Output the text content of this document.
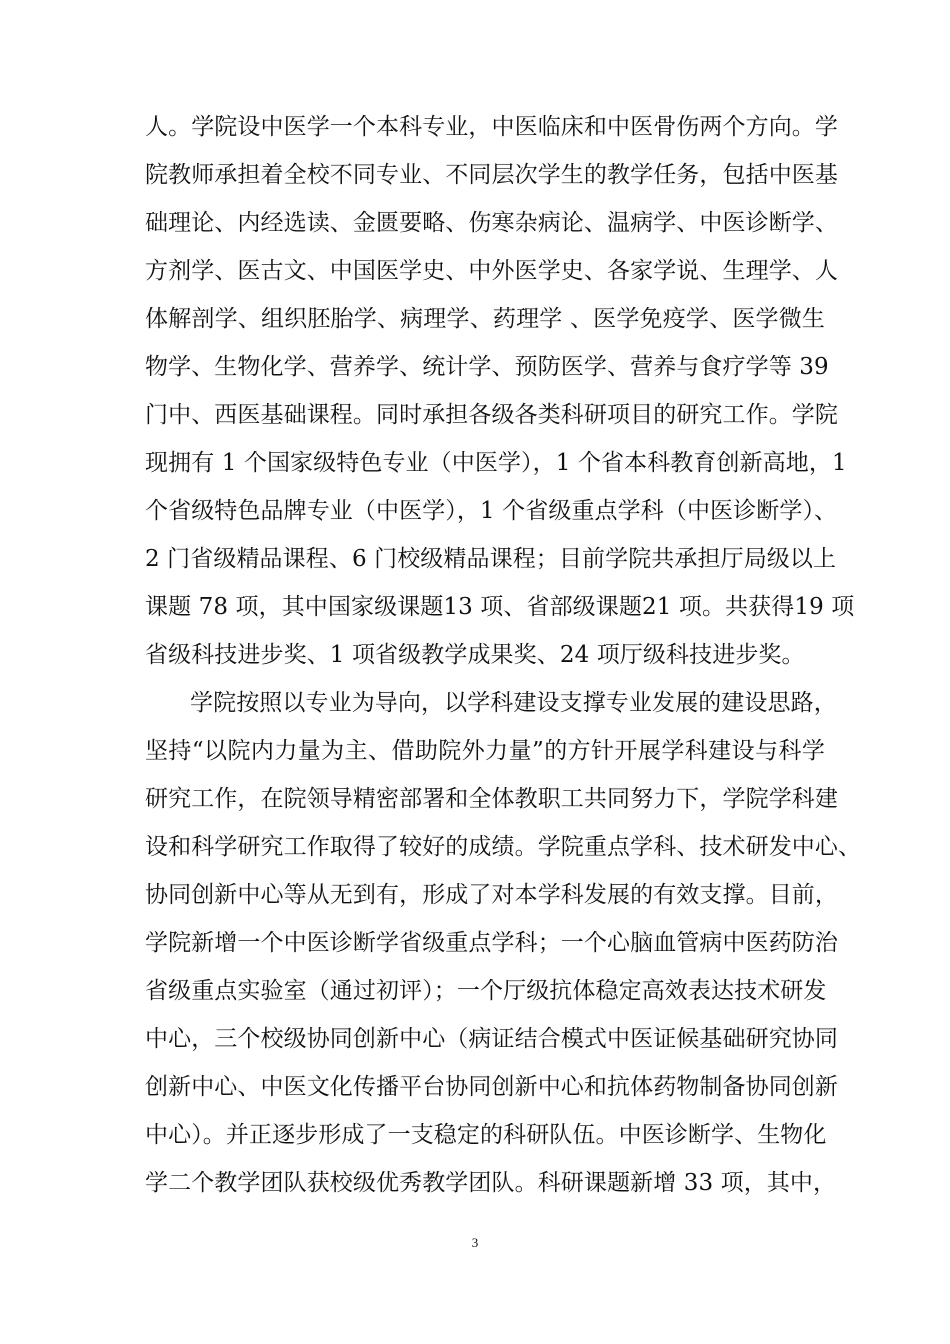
人。学院设中医学一个本科专业，中医临床和中医骨伤两个方向。学
院教师承担着全校不同专业、不同层次学生的教学任务，包括中医基
础理论、内经选读、金匮要略、伤寒杂病论、温病学、中医诊断学、
方剂学、医古文、中国医学史、中外医学史、各家学说、生理学、人
体解剖学、组织胚胎学、病理学、药理学 、医学免疫学、医学微生
物学、生物化学、营养学、统计学、预防医学、营养与食疗学等 39
门中、西医基础课程。同时承担各级各类科研项目的研究工作。学院
现拥有 1 个国家级特色专业（中医学），1 个省本科教育创新高地，1
个省级特色品牌专业（中医学），1 个省级重点学科（中医诊断学）、
2 门省级精品课程、6 门校级精品课程；目前学院共承担厅局级以上
课题 78 项，其中国家级课题13 项、省部级课题21 项。共获得19 项
省级科技进步奖、1 项省级教学成果奖、24 项厅级科技进步奖。
学院按照以专业为导向，以学科建设支撑专业发展的建设思路，
坚持“以院内力量为主、借助院外力量”的方针开展学科建设与科学
研究工作，在院领导精密部署和全体教职工共同努力下，学院学科建
设和科学研究工作取得了较好的成绩。学院重点学科、技术研发中心、
协同创新中心等从无到有，形成了对本学科发展的有效支撑。目前，
学院新增一个中医诊断学省级重点学科；一个心脑血管病中医药防治
省级重点实验室（通过初评）；一个厅级抗体稳定高效表达技术研发
中心，三个校级协同创新中心（病证结合模式中医证候基础研究协同
创新中心、中医文化传播平台协同创新中心和抗体药物制备协同创新
中心）。并正逐步形成了一支稳定的科研队伍。中医诊断学、生物化
学二个教学团队获校级优秀教学团队。科研课题新增 33 项，其中，
3
